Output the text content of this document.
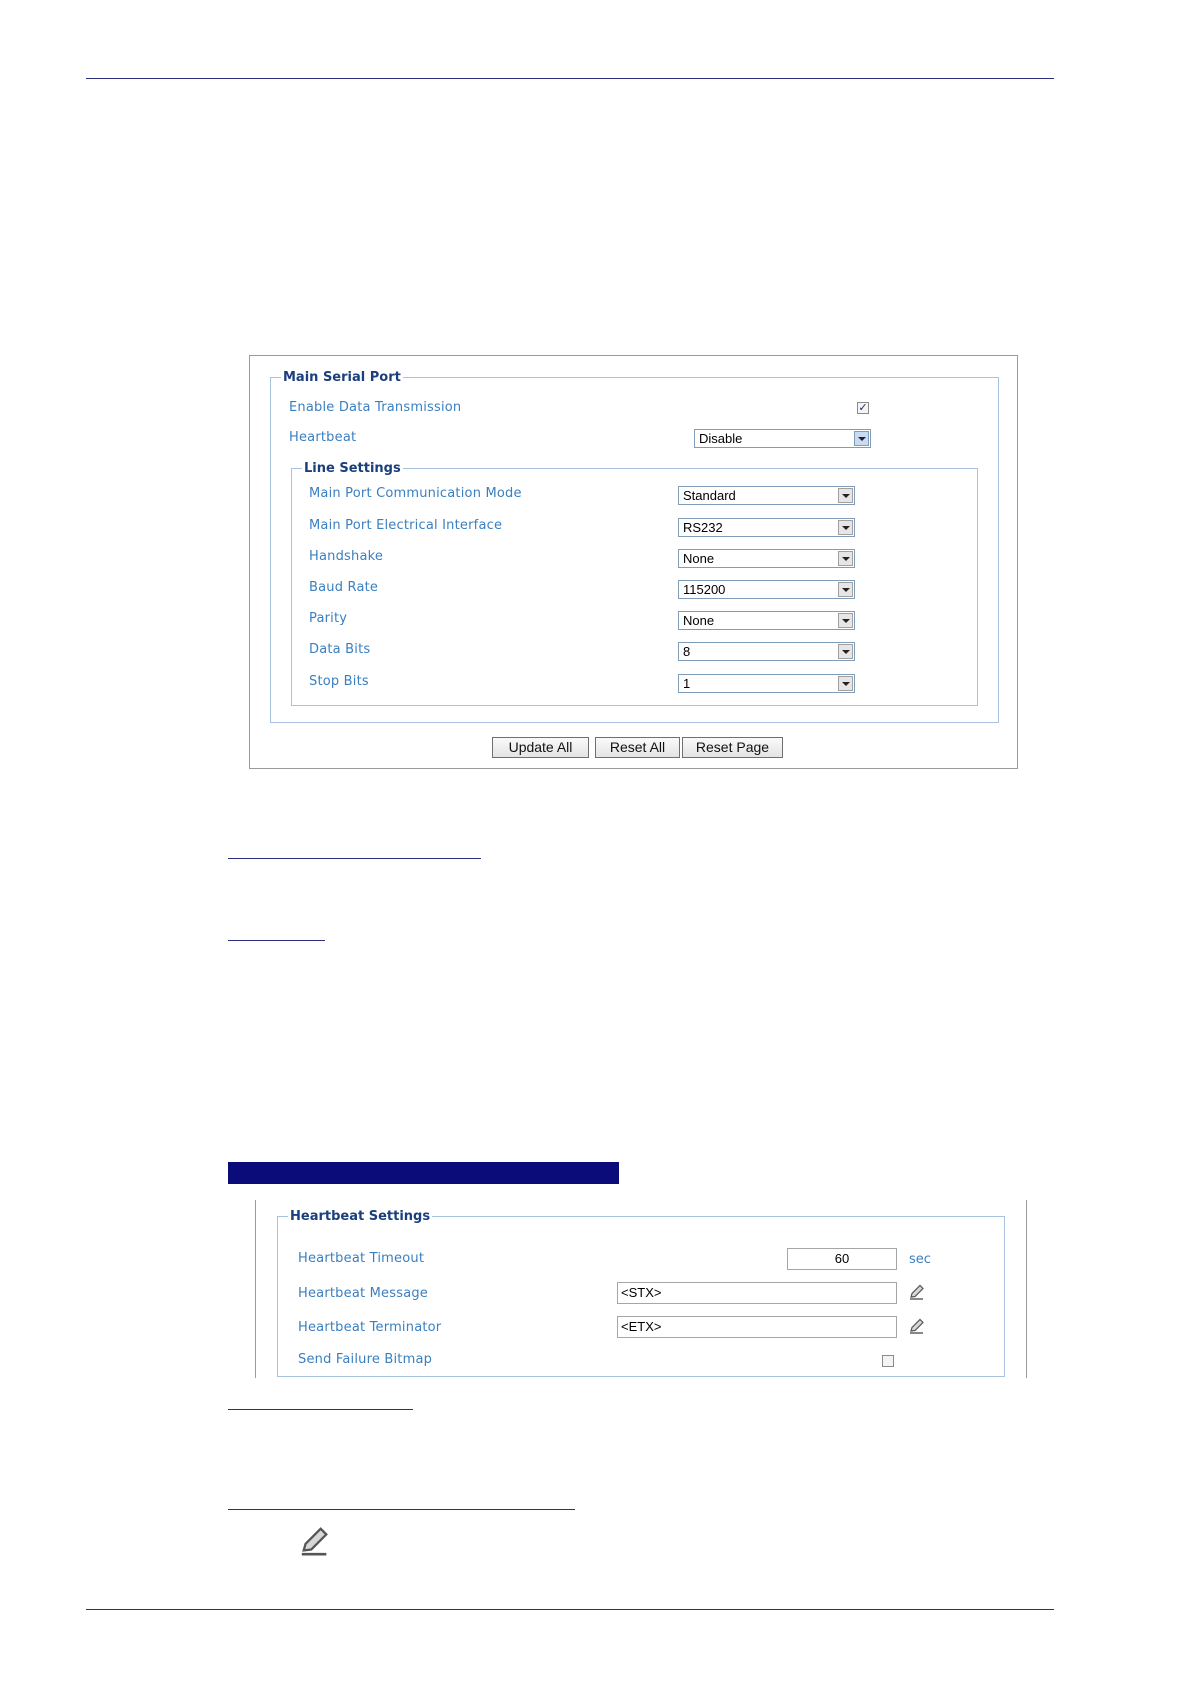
Main Serial Port
Enable Data Transmission	✓
Heartbeat	Disable
Line Settings
Main Port Communication Mode	Standard
Main Port Electrical Interface	RS232
Handshake	None
Baud Rate	115200
Parity	None
Data Bits	8
Stop Bits	1
Update All	Reset All	Reset Page
Heartbeat Settings
Heartbeat Timeout	60	sec
Heartbeat Message	<STX>
Heartbeat Terminator	<ETX>
Send Failure Bitmap
